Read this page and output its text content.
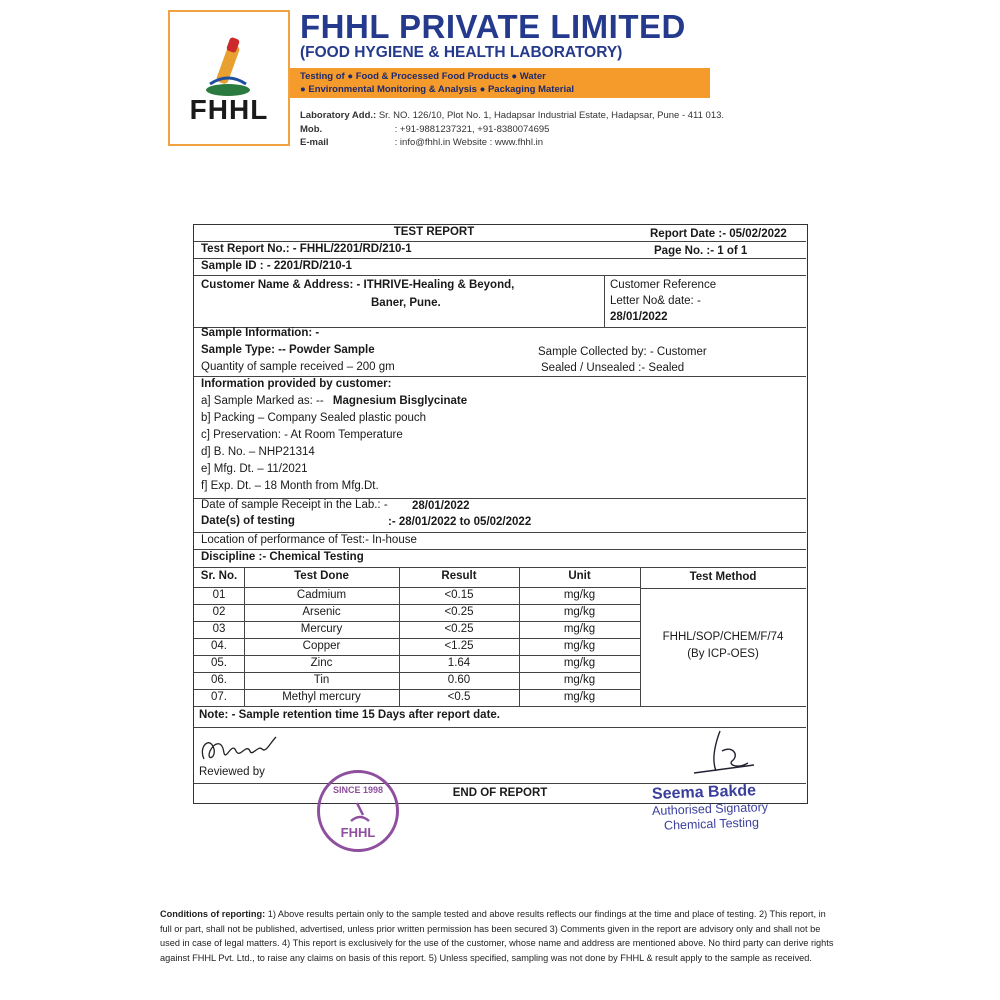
FHHL
FHHL PRIVATE LIMITED
(FOOD HYGIENE & HEALTH LABORATORY)
Testing of ● Food & Processed Food Products ● Water
● Environmental Monitoring & Analysis ● Packaging Material
Laboratory Add.: Sr. NO. 126/10, Plot No. 1, Hadapsar Industrial Estate, Hadapsar, Pune - 411 013.
Mob.	: +91-9881237321, +91-8380074695
E-mail	: info@fhhl.in Website : www.fhhl.in
TEST REPORT	Report Date :- 05/02/2022
Test Report No.: - FHHL/2201/RD/210-1	Page No. :- 1 of 1
Sample ID : - 2201/RD/210-1
Customer Name & Address: - ITHRIVE-Healing & Beyond,
Baner, Pune.
Customer Reference
Letter No& date: -
28/01/2022
Sample Information: -
Sample Type: -- Powder Sample
Quantity of sample received – 200 gm
Sample Collected by: - Customer
Sealed / Unsealed :- Sealed
Information provided by customer:
a] Sample Marked as: -- Magnesium Bisglycinate
b] Packing – Company Sealed plastic pouch
c] Preservation: - At Room Temperature
d] B. No. – NHP21314
e] Mfg. Dt. – 11/2021
f] Exp. Dt. – 18 Month from Mfg.Dt.
Date of sample Receipt in the Lab.: - 28/01/2022
Date(s) of testing	:- 28/01/2022 to 05/02/2022
Location of performance of Test:- In-house
Discipline :- Chemical Testing
Sr. No.	Test Done	Result	Unit	Test Method
01	Cadmium	<0.15	mg/kg
02	Arsenic	<0.25	mg/kg
03	Mercury	<0.25	mg/kg
04.	Copper	<1.25	mg/kg
05.	Zinc	1.64	mg/kg
06.	Tin	0.60	mg/kg
07.	Methyl mercury	<0.5	mg/kg
FHHL/SOP/CHEM/F/74
(By ICP-OES)
Note: - Sample retention time 15 Days after report date.
Reviewed by
END OF REPORT
SINCE 1998
FHHL
Seema Bakde
Authorised Signatory
Chemical Testing
Conditions of reporting: 1) Above results pertain only to the sample tested and above results reflects our findings at the time and place of testing. 2) This report, in full or part, shall not be published, advertised, unless prior written permission has been secured 3) Comments given in the report are advisory only and shall not be used in case of legal matters. 4) This report is exclusively for the use of the customer, whose name and address are mentioned above. No third party can derive rights against FHHL Pvt. Ltd., to raise any claims on basis of this report. 5) Unless specified, sampling was not done by FHHL & result apply to the sample as received.
